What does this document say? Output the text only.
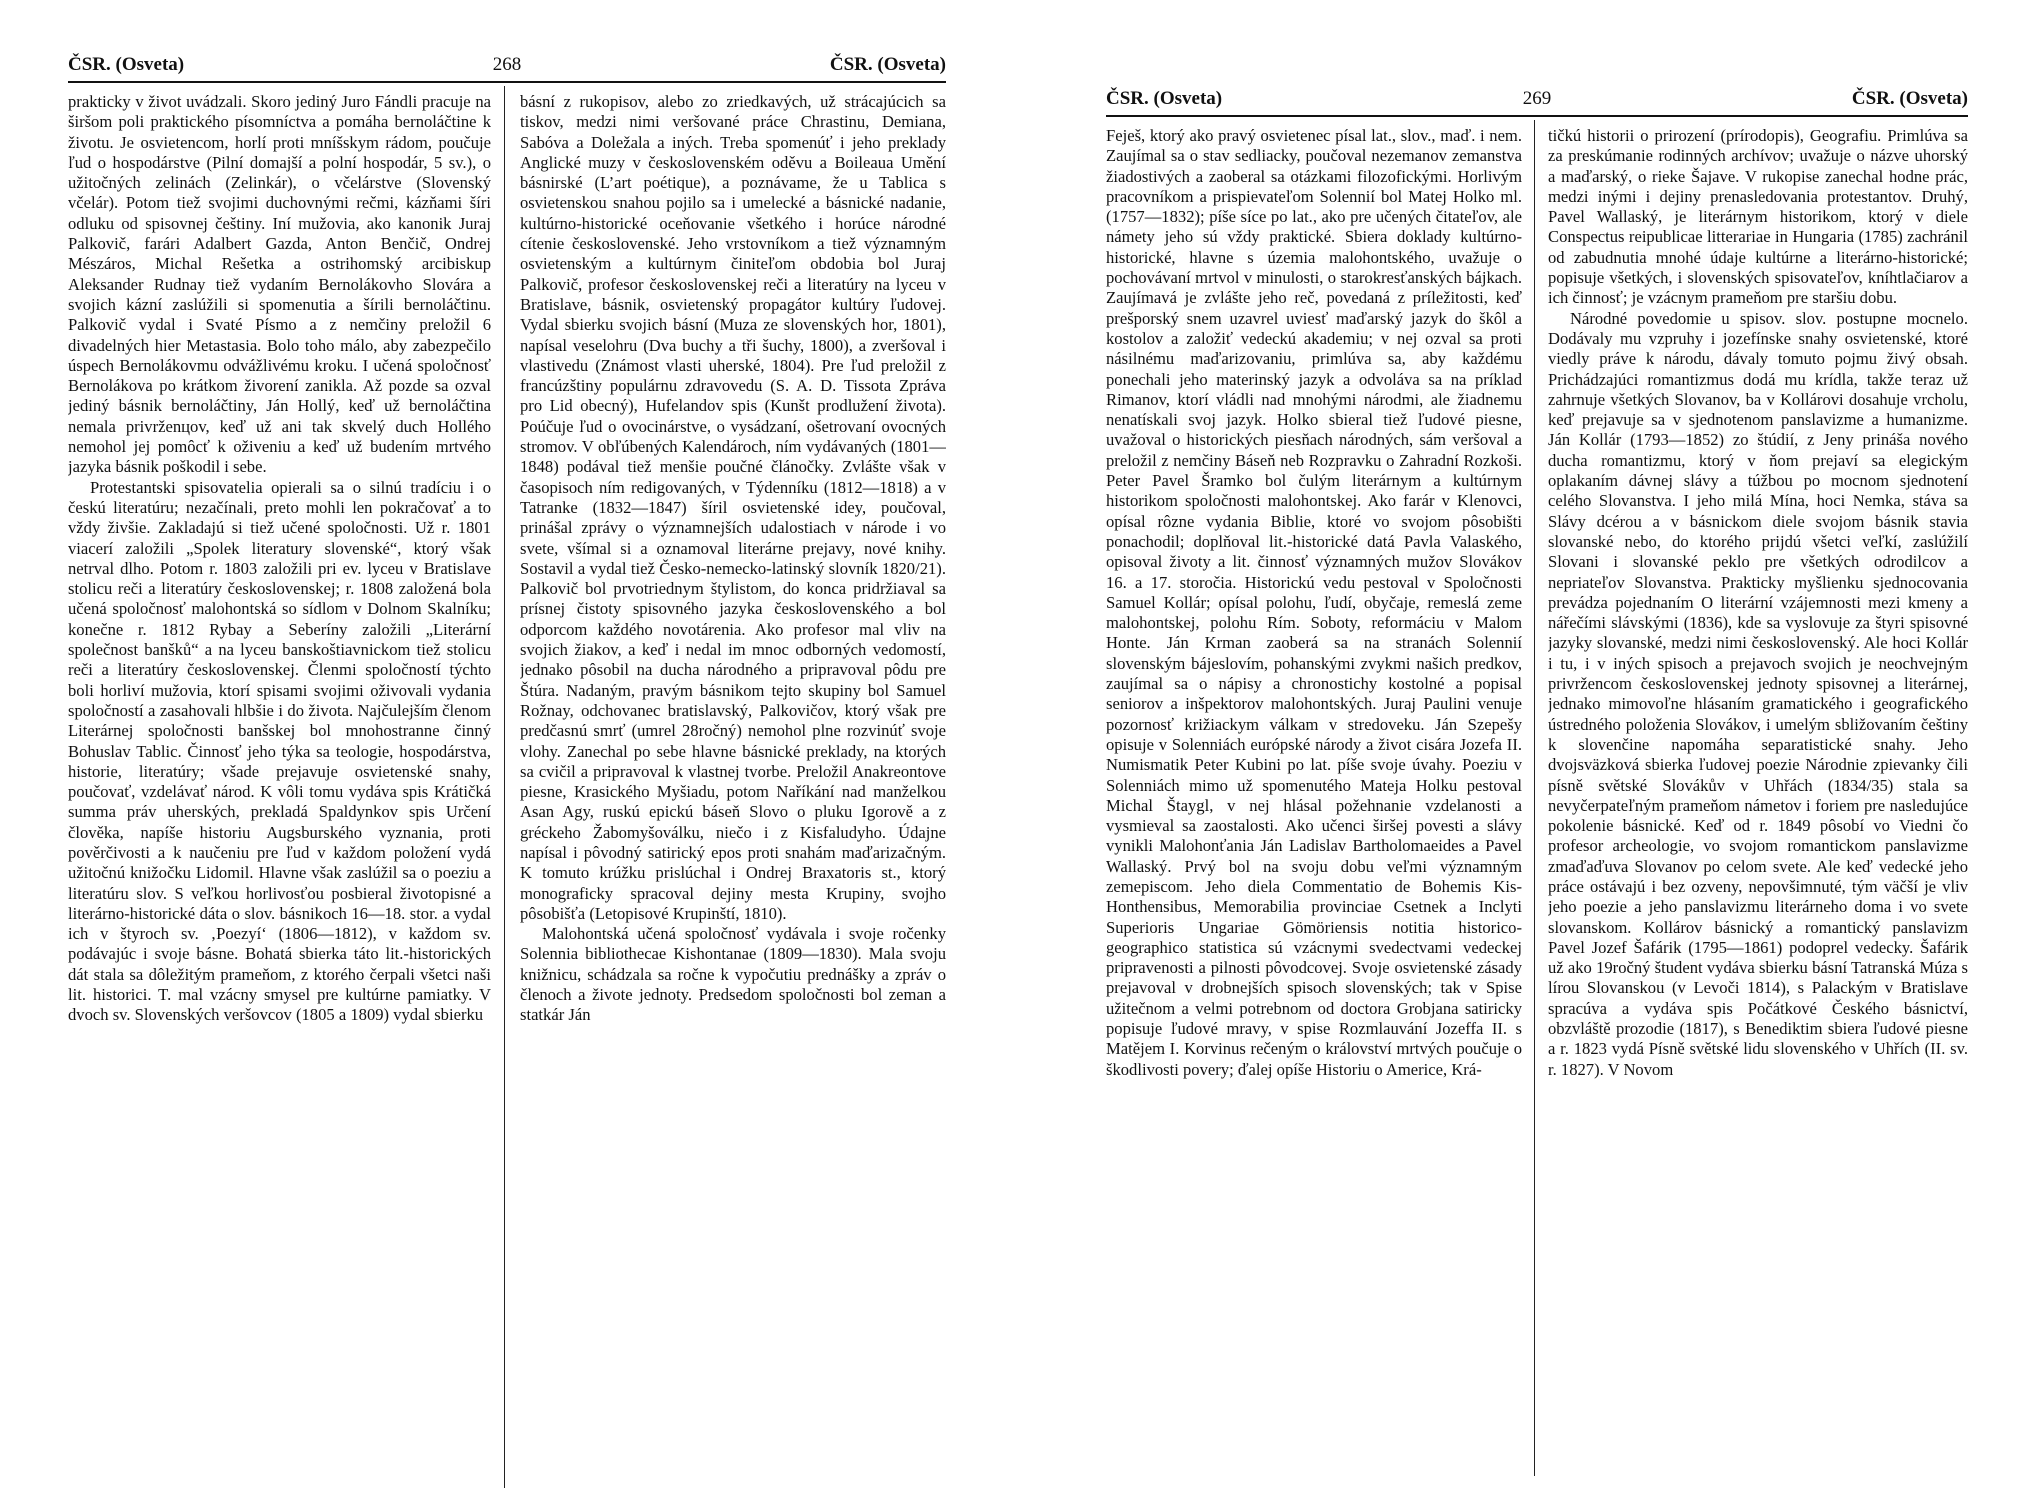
ČSR. (Osveta)	268	ČSR. (Osveta)

prakticky v život uvádzali. Skoro jediný Juro Fándli pracuje na širšom poli praktického písomníctva a pomáha bernoláčtine k životu. Je osvietencom, horlí proti mníšskym rádom, poučuje ľud o hospodárstve (Pilní domajší a polní hospodár, 5 sv.), o užitočných zelinách (Zelinkár), o včelárstve (Slovenský včelár). Potom tiež svojimi duchovnými rečmi, kázňami šíri odluku od spisovnej češtiny. Iní mužovia, ako kanonik Juraj Palkovič, farári Adalbert Gazda, Anton Benčič, Ondrej Mészáros, Michal Rešetka a ostrihomský arcibiskup Aleksander Rudnay tiež vydaním Bernolákovho Slovára a svojich kázní zaslúžili si spomenutia a šírili bernoláčtinu. Palkovič vydal i Svaté Písmo a z nemčiny preložil 6 divadelných hier Metastasia. Bolo toho málo, aby zabezpečilo úspech Bernolákovmu odvážlivému kroku. I učená spoločnosť Bernolákova po krátkom živorení zanikla. Až pozde sa ozval jediný básnik bernoláčtiny, Ján Hollý, keď už bernoláčtina nemala privrženцov, keď už ani tak skvelý duch Hollého nemohol jej pomôcť k oživeniu a keď už budením mrtvého jazyka básnik poškodil i sebe.

Protestantski spisovatelia opierali sa o silnú tradíciu i o českú literatúru; nezačínali, preto mohli len pokračovať a to vždy živšie. Zakladajú si tiež učené spoločnosti. Už r. 1801 viacerí založili „Spolek literatury slovenské“, ktorý však netrval dlho. Potom r. 1803 založili pri ev. lyceu v Bratislave stolicu reči a literatúry československej; r. 1808 založená bola učená spoločnosť malohontská so sídlom v Dolnom Skalníku; konečne r. 1812 Rybay a Seberíny založili „Literární společnost banšků“ a na lyceu banskoštiavnickom tiež stolicu reči a literatúry československej. Členmi spoločností týchto boli horliví mužovia, ktorí spisami svojimi oživovali vydania spoločností a zasahovali hlbšie i do života. Najčulejším členom Literárnej spoločnosti banšskej bol mnohostranne činný Bohuslav Tablic. Činnosť jeho týka sa teologie, hospodárstva, historie, literatúry; všade prejavuje osvietenské snahy, poučovať, vzdelávať národ. K vôli tomu vydáva spis Krátičká summa práv uherských, prekladá Spaldynkov spis Určení člověka, napíše historiu Augsburského vyznania, proti pověrčivosti a k naučeniu pre ľud v každom položení vydá užitočnú knižočku Lidomil. Hlavne však zaslúžil sa o poeziu a literatúru slov. S veľkou horlivosťou posbieral životopisné a literárno-historické dáta o slov. básnikoch 16—18. stor. a vydal ich v štyroch sv. ‚Poezyí‘ (1806—1812), v každom sv. podávajúc i svoje básne. Bohatá sbierka táto lit.-historických dát stala sa dôležitým prameňom, z ktorého čerpali všetci naši lit. historici. T. mal vzácny smysel pre kultúrne pamiatky. V dvoch sv. Slovenských veršovcov (1805 a 1809) vydal sbierku

básní z rukopisov, alebo zo zriedkavých, už strácajúcich sa tiskov, medzi nimi veršované práce Chrastinu, Demiana, Sabóva a Doležala a iných. Treba spomenúť i jeho preklady Anglické muzy v československém oděvu a Boileaua Umění básnirské (L’art poétique), a poznávame, že u Tablica s osvietenskou snahou pojilo sa i umelecké a básnické nadanie, kultúrno-historické oceňovanie všetkého i horúce národné cítenie československé. Jeho vrstovníkom a tiež významným osvietenským a kultúrnym činiteľom obdobia bol Juraj Palkovič, profesor československej reči a literatúry na lyceu v Bratislave, básnik, osvietenský propagátor kultúry ľudovej. Vydal sbierku svojich básní (Muza ze slovenských hor, 1801), napísal veselohru (Dva buchy a tři šuchy, 1800), a zveršoval i vlastivedu (Známost vlasti uherské, 1804). Pre ľud preložil z francúzštiny populárnu zdravovedu (S. A. D. Tissota Zpráva pro Lid obecný), Hufelandov spis (Kunšt prodlužení života). Poúčuje ľud o ovocinárstve, o vysádzaní, ošetrovaní ovocných stromov. V obľúbených Kalendároch, ním vydávaných (1801—1848) podával tiež menšie poučné článočky. Zvlášte však v časopisoch ním redigovaných, v Týdenníku (1812—1818) a v Tatranke (1832—1847) šíril osvietenské idey, poučoval, prinášal zprávy o významnejších udalostiach v národe i vo svete, všímal si a oznamoval literárne prejavy, nové knihy. Sostavil a vydal tiež Česko-nemecko-latinský slovník 1820/21). Palkovič bol prvotriednym štylistom, do konca pridržiaval sa prísnej čistoty spisovného jazyka československého a bol odporcom každého novotárenia. Ako profesor mal vliv na svojich žiakov, a keď i nedal im mnoc odborných vedomostí, jednako pôsobil na ducha národného a pripravoval pôdu pre Štúra. Nadaným, pravým básnikom tejto skupiny bol Samuel Rožnay, odchovanec bratislavský, Palkovičov, ktorý však pre predčasnú smrť (umrel 28ročný) nemohol plne rozvinúť svoje vlohy. Zanechal po sebe hlavne básnické preklady, na ktorých sa cvičil a pripravoval k vlastnej tvorbe. Preložil Anakreontove piesne, Krasického Myšiadu, potom Naříkání nad manželkou Asan Agy, ruskú epickú báseň Slovo o pluku Igorově a z gréckeho Žabomyšoválku, niečo i z Kisfaludyho. Údajne napísal i pôvodný satirický epos proti snahám maďarizačným. K tomuto krúžku prislúchal i Ondrej Braxatoris st., ktorý monograficky spracoval dejiny mesta Krupiny, svojho pôsobišťa (Letopisové Krupinští, 1810).

Malohontská učená spoločnosť vydávala i svoje ročenky Solennia bibliothecae Kishontanae (1809—1830). Mala svoju knižnicu, schádzala sa ročne k vypočutiu prednášky a zpráv o členoch a živote jednoty. Predsedom spoločnosti bol zeman a statkár Ján

ČSR. (Osveta)	269	ČSR. (Osveta)

Feješ, ktorý ako pravý osvietenec písal lat., slov., maď. i nem. Zaujímal sa o stav sedliacky, poučoval nezemanov zemanstva žiadostivých a zaoberal sa otázkami filozofickými. Horlivým pracovníkom a prispievateľom Solennií bol Matej Holko ml. (1757—1832); píše síce po lat., ako pre učených čitateľov, ale námety jeho sú vždy praktické. Sbiera doklady kultúrno-historické, hlavne s územia malohontského, uvažuje o pochovávaní mrtvol v minulosti, o starokresťanských bájkach. Zaujímavá je zvlášte jeho reč, povedaná z príležitosti, keď prešporský snem uzavrel uviesť maďarský jazyk do škôl a kostolov a založiť vedeckú akademiu; v nej ozval sa proti násilnému maďarizovaniu, primlúva sa, aby každému ponechali jeho materinský jazyk a odvoláva sa na príklad Rimanov, ktorí vládli nad mnohými národmi, ale žiadnemu nenatískali svoj jazyk. Holko sbieral tiež ľudové piesne, uvažoval o historických piesňach národných, sám veršoval a preložil z nemčiny Báseň neb Rozpravku o Zahradní Rozkoši. Peter Pavel Šramko bol čulým literárnym a kultúrnym historikom spoločnosti malohontskej. Ako farár v Klenovci, opísal rôzne vydania Biblie, ktoré vo svojom pôsobišti ponachodil; doplňoval lit.-historické datá Pavla Valaského, opisoval životy a lit. činnosť významných mužov Slovákov 16. a 17. storočia. Historickú vedu pestoval v Spoločnosti Samuel Kollár; opísal polohu, ľudí, obyčaje, remeslá zeme malohontskej, polohu Rím. Soboty, reformáciu v Malom Honte. Ján Krman zaoberá sa na stranách Solennií slovenským bájeslovím, pohanskými zvykmi našich predkov, zaujímal sa o nápisy a chronostichy kostolné a popisal seniorov a inšpektorov malohontských. Juraj Paulini venuje pozornosť križiackym válkam v stredoveku. Ján Szepešy opisuje v Solenniách európské národy a život cisára Jozefa II. Numismatik Peter Kubini po lat. píše svoje úvahy. Poeziu v Solenniách mimo už spomenutého Mateja Holku pestoval Michal Štaygl, v nej hlásal požehnanie vzdelanosti a vysmieval sa zaostalosti. Ako učenci širšej povesti a slávy vynikli Malohonťania Ján Ladislav Bartholomaeides a Pavel Wallaský. Prvý bol na svoju dobu veľmi významným zemepiscom. Jeho diela Commentatio de Bohemis Kis-Honthensibus, Memorabilia provinciae Csetnek a Inclyti Superioris Ungariae Gömöriensis notitia historico-geographico statistica sú vzácnymi svedectvami vedeckej pripravenosti a pilnosti pôvodcovej. Svoje osvietenské zásady prejavoval v drobnejších spisoch slovenských; tak v Spise užitečnom a velmi potrebnom od doctora Grobjana satiricky popisuje ľudové mravy, v spise Rozmlauvání Jozeffa II. s Matějem I. Korvinus rečeným o království mrtvých poučuje o škodlivosti povery; ďalej opíše Historiu o Americe, Krá-

tičkú historii o prirození (prírodopis), Geografiu. Primlúva sa za preskúmanie rodinných archívov; uvažuje o názve uhorský a maďarský, o rieke Šajave. V rukopise zanechal hodne prác, medzi inými i dejiny prenasledovania protestantov. Druhý, Pavel Wallaský, je literárnym historikom, ktorý v diele Conspectus reipublicae litterariae in Hungaria (1785) zachránil od zabudnutia mnohé údaje kultúrne a literárno-historické; popisuje všetkých, i slovenských spisovateľov, kníhtlačiarov a ich činnosť; je vzácnym prameňom pre staršiu dobu.

Národné povedomie u spisov. slov. postupne mocnelo. Dodávaly mu vzpruhy i jozefínske snahy osvietenské, ktoré viedly práve k národu, dávaly tomuto pojmu živý obsah. Prichádzajúci romantizmus dodá mu krídla, takže teraz už zahrnuje všetkých Slovanov, ba v Kollárovi dosahuje vrcholu, keď prejavuje sa v sjednotenom panslavizme a humanizme. Ján Kollár (1793—1852) zo štúdií, z Jeny prináša nového ducha romantizmu, ktorý v ňom prejaví sa elegickým oplakaním dávnej slávy a túžbou po mocnom sjednotení celého Slovanstva. I jeho milá Mína, hoci Nemka, stáva sa Slávy dcérou a v básnickom diele svojom básnik stavia slovanské nebo, do ktorého prijdú všetci veľkí, zaslúžilí Slovani i slovanské peklo pre všetkých odrodilcov a nepriateľov Slovanstva. Prakticky myšlienku sjednocovania prevádza pojednaním O literární vzájemnosti mezi kmeny a nářečími slávskými (1836), kde sa vyslovuje za štyri spisovné jazyky slovanské, medzi nimi československý. Ale hoci Kollár i tu, i v iných spisoch a prejavoch svojich je neochvejným privržencom československej jednoty spisovnej a literárnej, jednako mimovoľne hlásaním gramatického i geografického ústredného položenia Slovákov, i umelým sbližovaním češtiny k slovenčine napomáha separatistické snahy. Jeho dvojsväzková sbierka ľudovej poezie Národnie zpievanky čili písně světské Slovákův v Uhřách (1834/35) stala sa nevyčerpateľným prameňom námetov i foriem pre nasledujúce pokolenie básnické. Keď od r. 1849 pôsobí vo Viedni čo profesor archeologie, vo svojom romantickom panslavizme zmaďaďuva Slovanov po celom svete. Ale keď vedecké jeho práce ostávajú i bez ozveny, nepovšimnuté, tým väčší je vliv jeho poezie a jeho panslavizmu literárneho doma i vo svete slovanskom. Kollárov básnický a romantický panslavizm Pavel Jozef Šafárik (1795—1861) podoprel vedecky. Šafárik už ako 19ročný študent vydáva sbierku básní Tatranská Múza s lírou Slovanskou (v Levoči 1814), s Palackým v Bratislave spracúva a vydáva spis Počátkové Českého básnictví, obzvláště prozodie (1817), s Benediktim sbiera ľudové piesne a r. 1823 vydá Písně světské lidu slovenského v Uhřích (II. sv. r. 1827). V Novom
